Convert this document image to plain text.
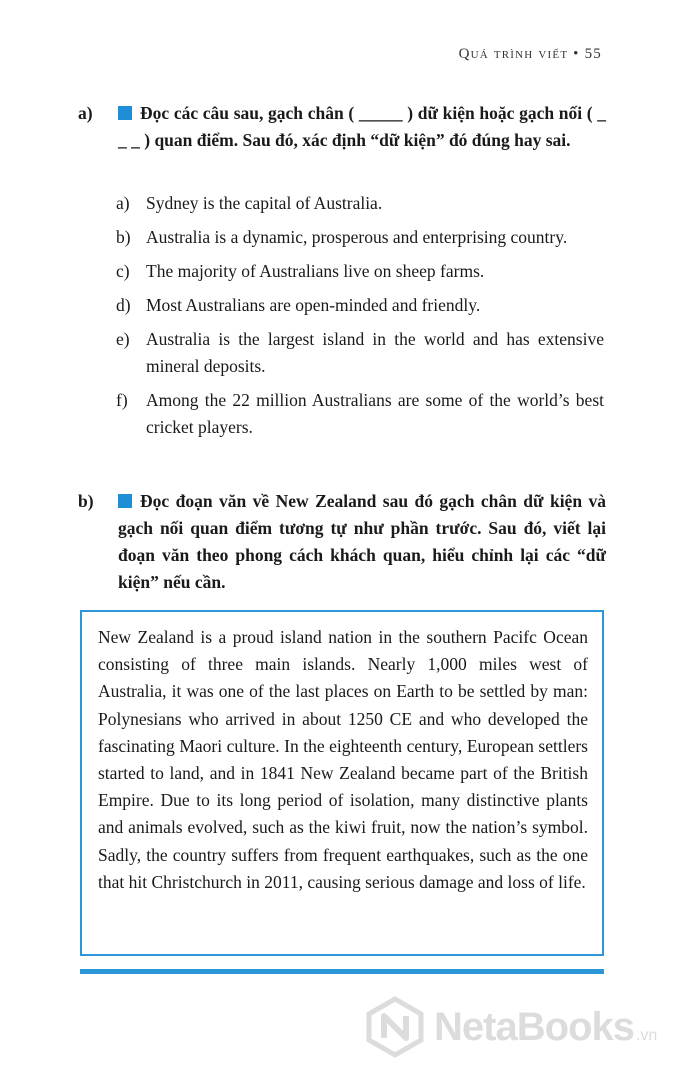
Quá trình viết • 55
a)	Đọc các câu sau, gạch chân ( _____ ) dữ kiện hoặc gạch nối ( _ _ _ ) quan điểm. Sau đó, xác định “dữ kiện” đó đúng hay sai.
a) Sydney is the capital of Australia.
b) Australia is a dynamic, prosperous and enterprising country.
c) The majority of Australians live on sheep farms.
d) Most Australians are open-minded and friendly.
e) Australia is the largest island in the world and has extensive mineral deposits.
f) Among the 22 million Australians are some of the world’s best cricket players.
b)	Đọc đoạn văn về New Zealand sau đó gạch chân dữ kiện và gạch nối quan điểm tương tự như phần trước. Sau đó, viết lại đoạn văn theo phong cách khách quan, hiểu chỉnh lại các “dữ kiện” nếu cần.
New Zealand is a proud island nation in the southern Pacifc Ocean consisting of three main islands. Nearly 1,000 miles west of Australia, it was one of the last places on Earth to be settled by man: Polynesians who arrived in about 1250 CE and who developed the fascinating Maori culture. In the eighteenth century, European settlers started to land, and in 1841 New Zealand became part of the British Empire. Due to its long period of isolation, many distinctive plants and animals evolved, such as the kiwi fruit, now the nation’s symbol. Sadly, the country suffers from frequent earthquakes, such as the one that hit Christchurch in 2011, causing serious damage and loss of life.
NetaBooks .vn
